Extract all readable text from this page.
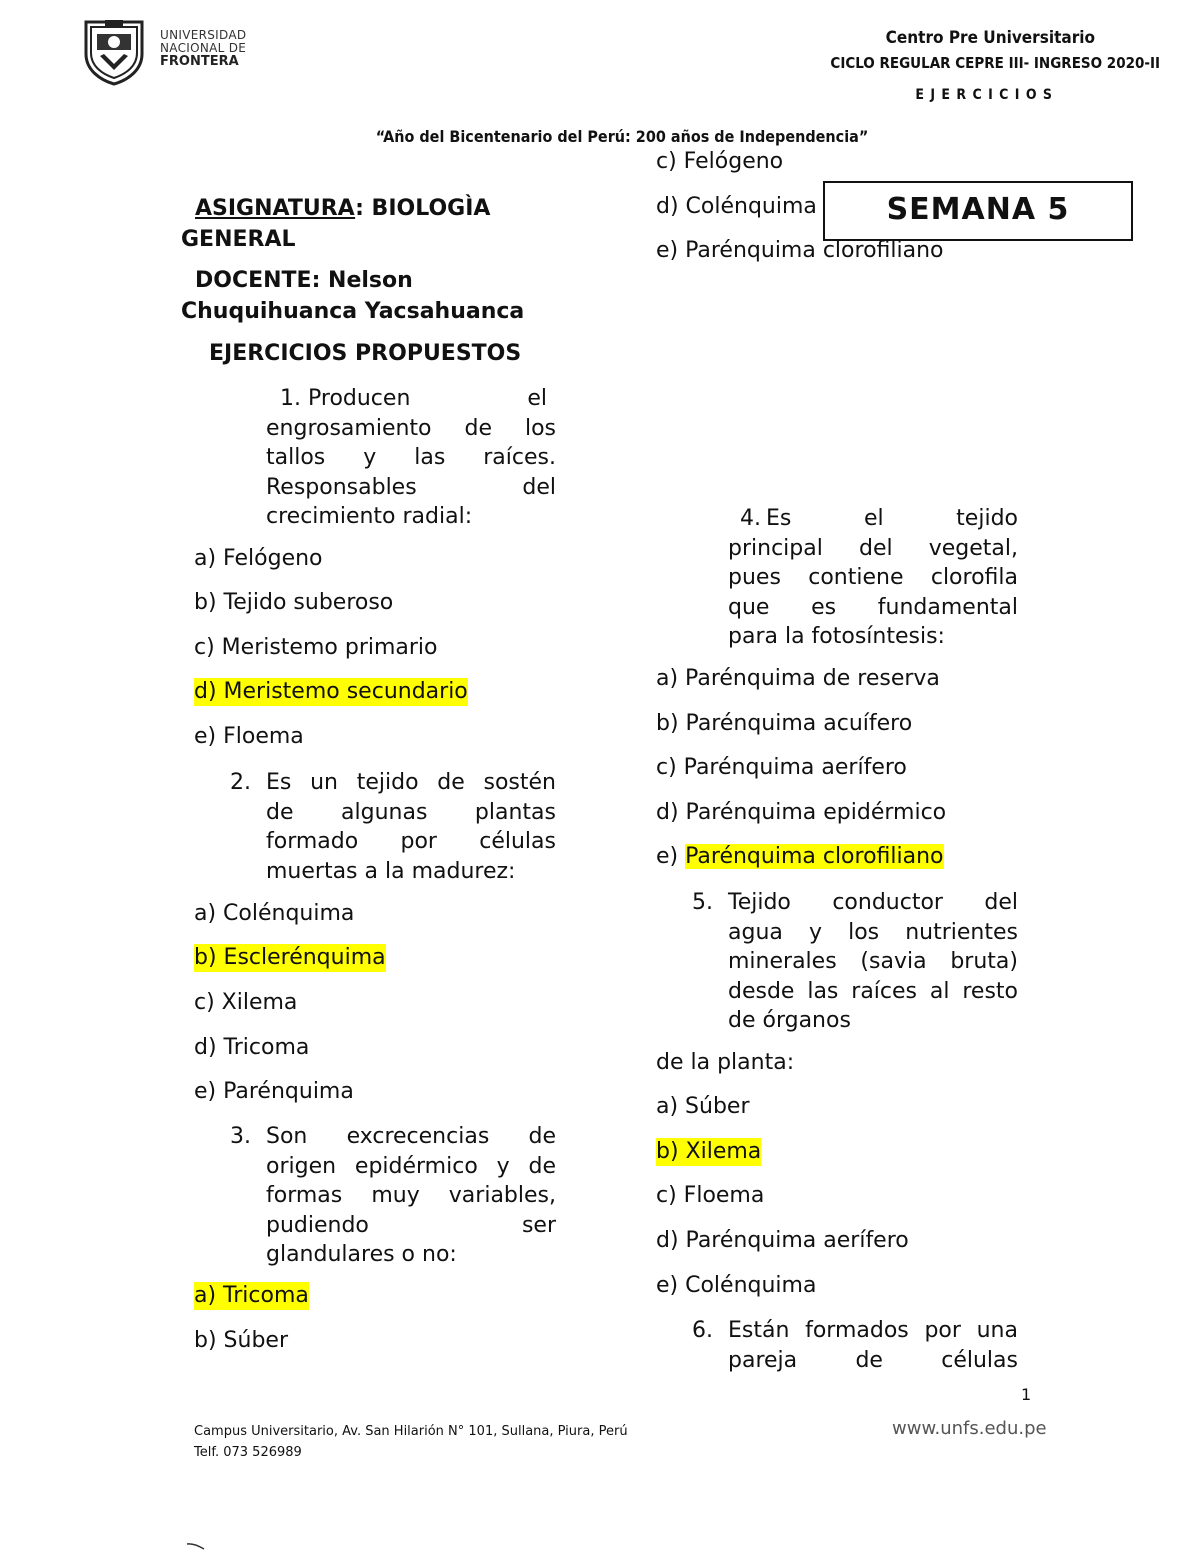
UNIVERSIDAD
NACIONAL DE
FRONTERA
Centro Pre Universitario
CICLO REGULAR CEPRE III- INGRESO 2020-II
E J E R C I C I O S
“Año del Bicentenario del Perú: 200 años de Independencia”
SEMANA 5
ASIGNATURA: BIOLOGÌA
GENERAL
DOCENTE: Nelson
Chuquihuanca Yacsahuanca
EJERCICIOS PROPUESTOS
1. Producen el
engrosamiento de los
tallos y las raíces.
Responsables del
crecimiento radial:
a) Felógeno
b) Tejido suberoso
c) Meristemo primario
d) Meristemo secundario
e) Floema
2. Es un tejido de sostén
de algunas plantas
formado por células
muertas a la madurez:
a) Colénquima
b) Esclerénquima
c) Xilema
d) Tricoma
e) Parénquima
3. Son excrecencias de
origen epidérmico y de
formas muy variables,
pudiendo ser
glandulares o no:
a) Tricoma
b) Súber
c) Felógeno
d) Colénquima
e) Parénquima clorofiliano
4. Es el tejido
principal del vegetal,
pues contiene clorofila
que es fundamental
para la fotosíntesis:
a) Parénquima de reserva
b) Parénquima acuífero
c) Parénquima aerífero
d) Parénquima epidérmico
e) Parénquima clorofiliano
5. Tejido conductor del
agua y los nutrientes
minerales (savia bruta)
desde las raíces al resto
de órganos
de la planta:
a) Súber
b) Xilema
c) Floema
d) Parénquima aerífero
e) Colénquima
6. Están formados por una
pareja de células
1
Campus Universitario, Av. San Hilarión N° 101, Sullana, Piura, Perú
Telf. 073 526989
www.unfs.edu.pe
